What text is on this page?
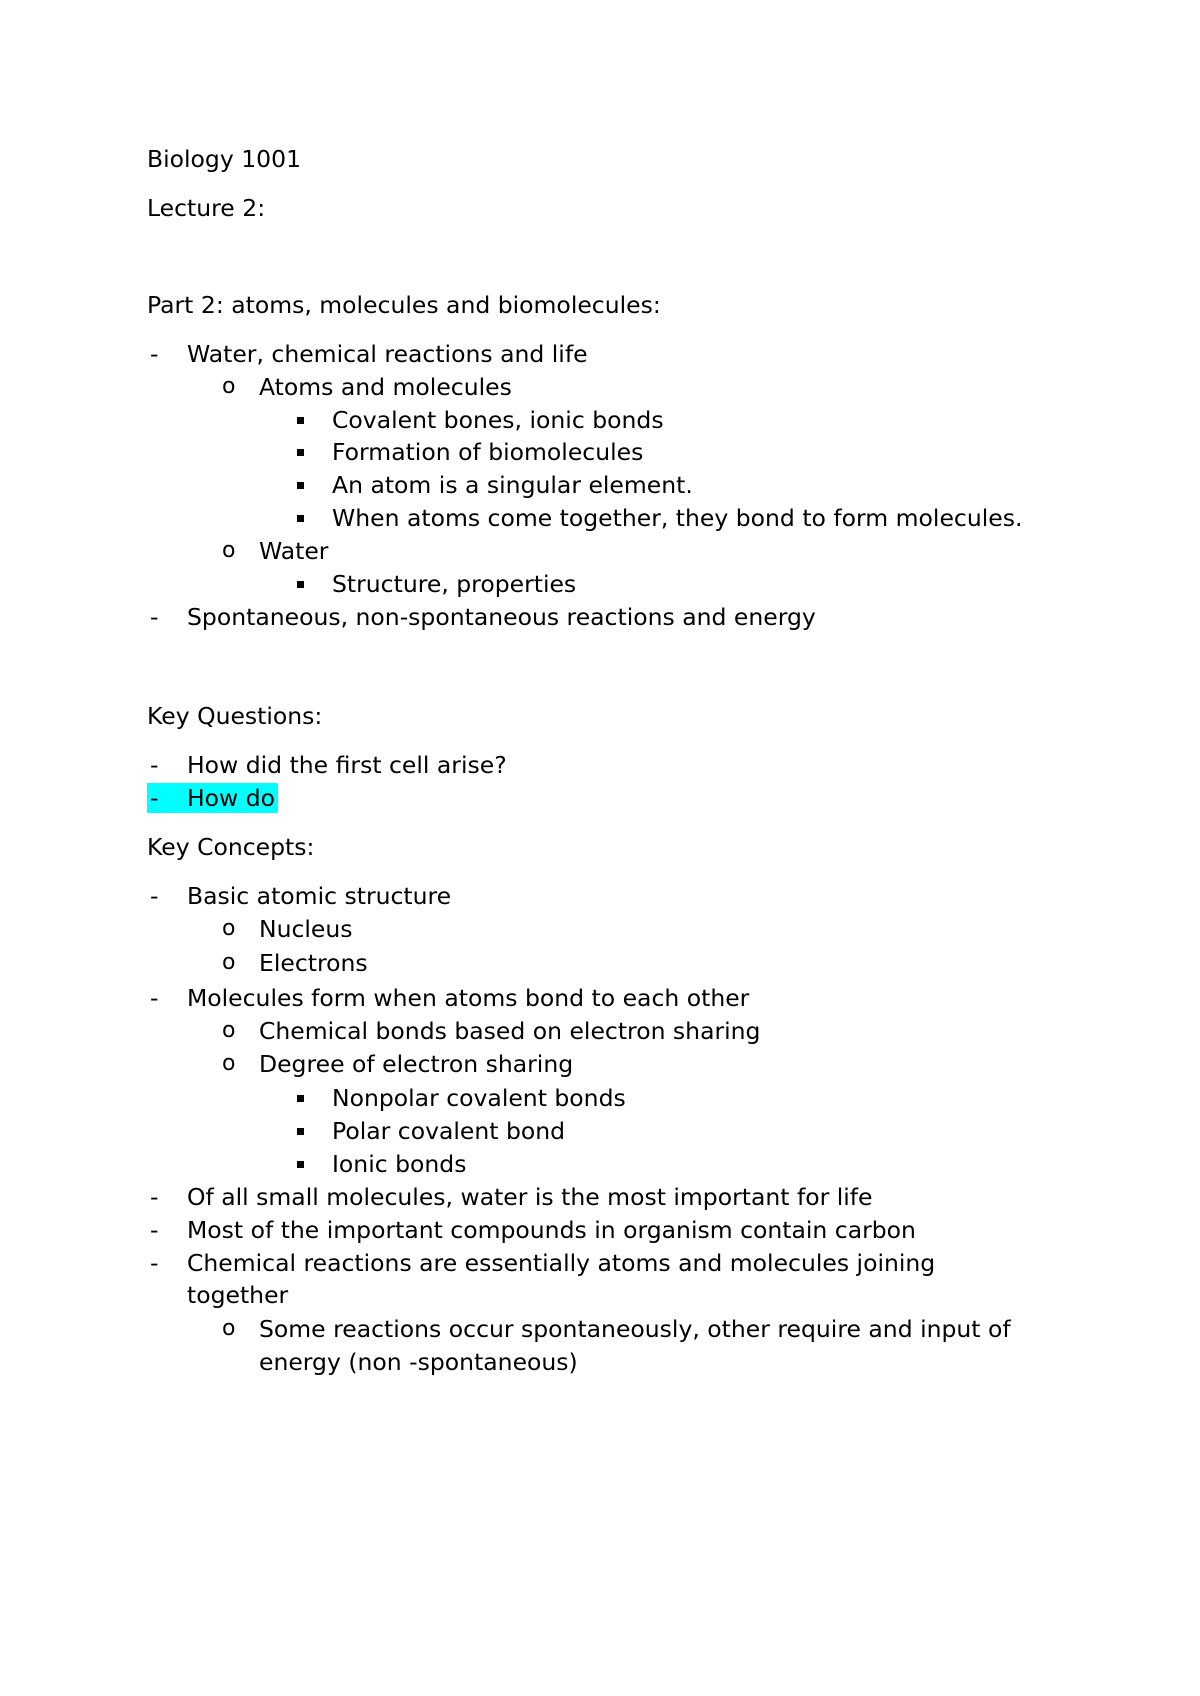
Biology 1001
Lecture 2:
Part 2: atoms, molecules and biomolecules:
- Water, chemical reactions and life
o Atoms and molecules
Covalent bones, ionic bonds
Formation of biomolecules
An atom is a singular element.
When atoms come together, they bond to form molecules.
o Water
Structure, properties
- Spontaneous, non-spontaneous reactions and energy
Key Questions:
- How did the first cell arise?
- How do
Key Concepts:
- Basic atomic structure
o Nucleus
o Electrons
- Molecules form when atoms bond to each other
o Chemical bonds based on electron sharing
o Degree of electron sharing
Nonpolar covalent bonds
Polar covalent bond
Ionic bonds
- Of all small molecules, water is the most important for life
- Most of the important compounds in organism contain carbon
- Chemical reactions are essentially atoms and molecules joining
together
o Some reactions occur spontaneously, other require and input of
energy (non -spontaneous)
